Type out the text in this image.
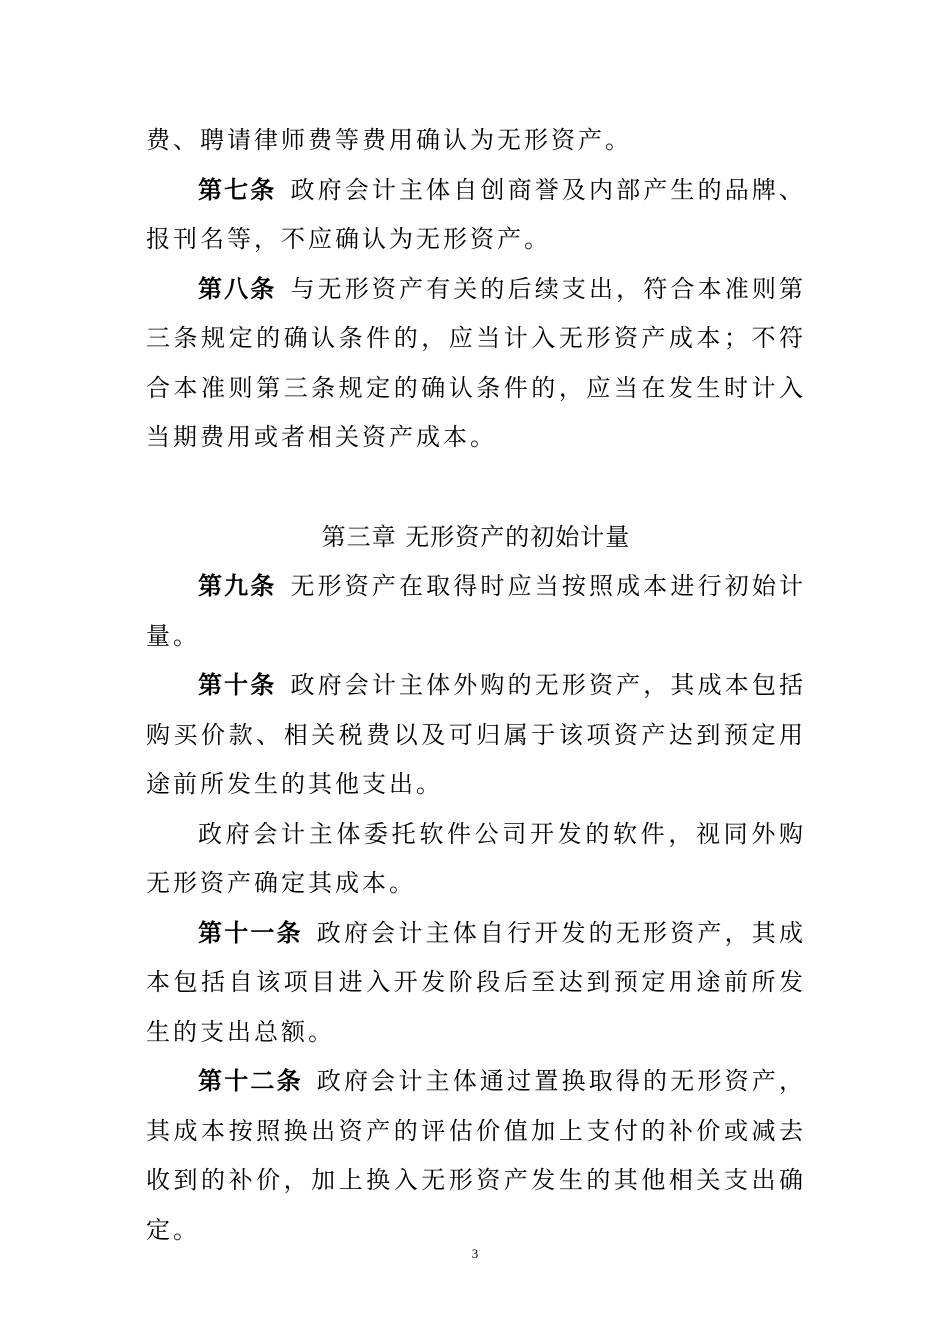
费、聘请律师费等费用确认为无形资产。

第七条 政府会计主体自创商誉及内部产生的品牌、报刊名等，不应确认为无形资产。

第八条 与无形资产有关的后续支出，符合本准则第三条规定的确认条件的，应当计入无形资产成本；不符合本准则第三条规定的确认条件的，应当在发生时计入当期费用或者相关资产成本。

第三章 无形资产的初始计量

第九条 无形资产在取得时应当按照成本进行初始计量。

第十条 政府会计主体外购的无形资产，其成本包括购买价款、相关税费以及可归属于该项资产达到预定用途前所发生的其他支出。

政府会计主体委托软件公司开发的软件，视同外购无形资产确定其成本。

第十一条 政府会计主体自行开发的无形资产，其成本包括自该项目进入开发阶段后至达到预定用途前所发生的支出总额。

第十二条 政府会计主体通过置换取得的无形资产，其成本按照换出资产的评估价值加上支付的补价或减去收到的补价，加上换入无形资产发生的其他相关支出确定。

3
